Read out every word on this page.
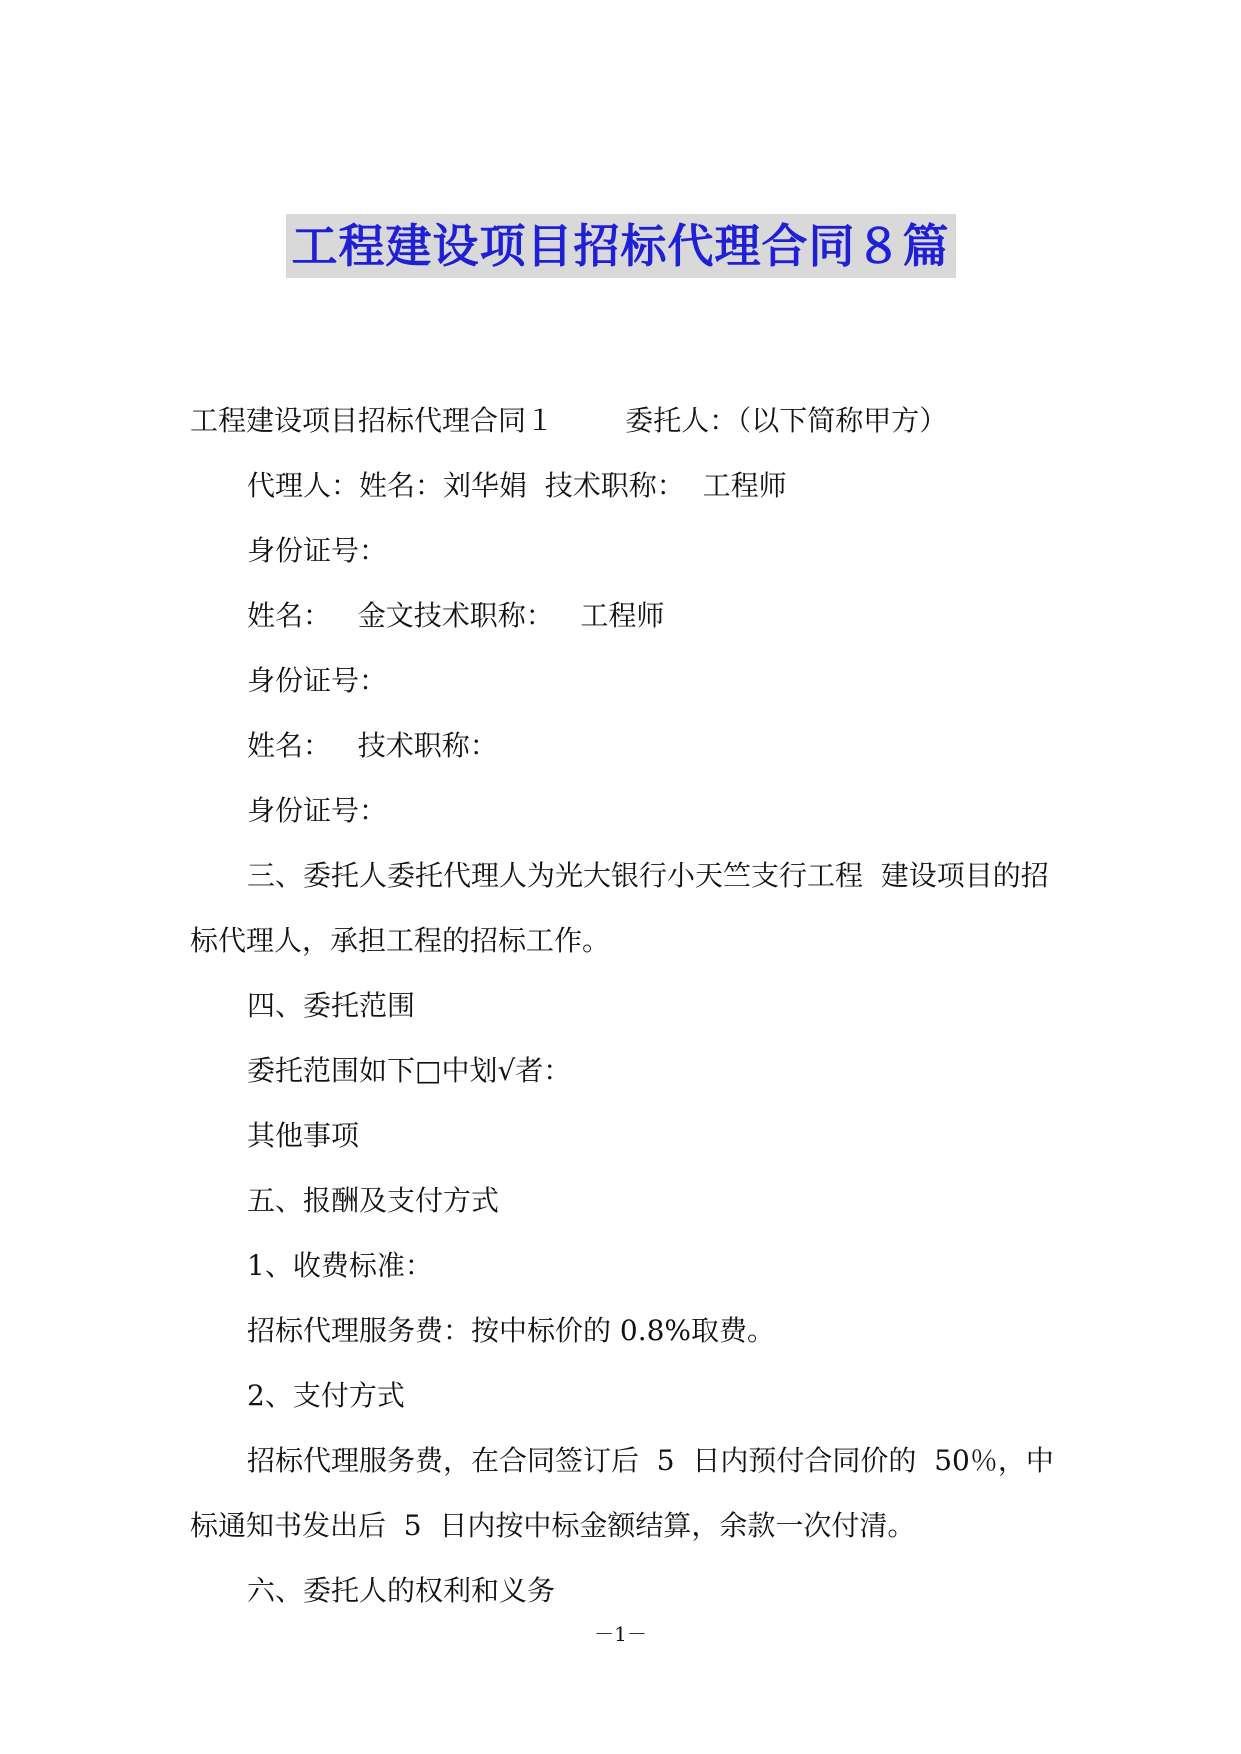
工程建设项目招标代理合同８篇

工程建设项目招标代理合同１        委托人：（以下简称甲方）

代理人：姓名：刘华娟  技术职称：  工程师

身份证号：

姓名：   金文技术职称：   工程师

身份证号：

姓名：   技术职称：

身份证号：

三、委托人委托代理人为光大银行小天竺支行工程  建设项目的招标代理人，承担工程的招标工作。

四、委托范围

委托范围如下□中划√者：

其他事项

五、报酬及支付方式

1、收费标准：

招标代理服务费：按中标价的 0.8%取费。

2、支付方式

招标代理服务费，在合同签订后  5  日内预付合同价的  50％，中标通知书发出后  5  日内按中标金额结算，余款一次付清。

六、委托人的权利和义务

－1－
